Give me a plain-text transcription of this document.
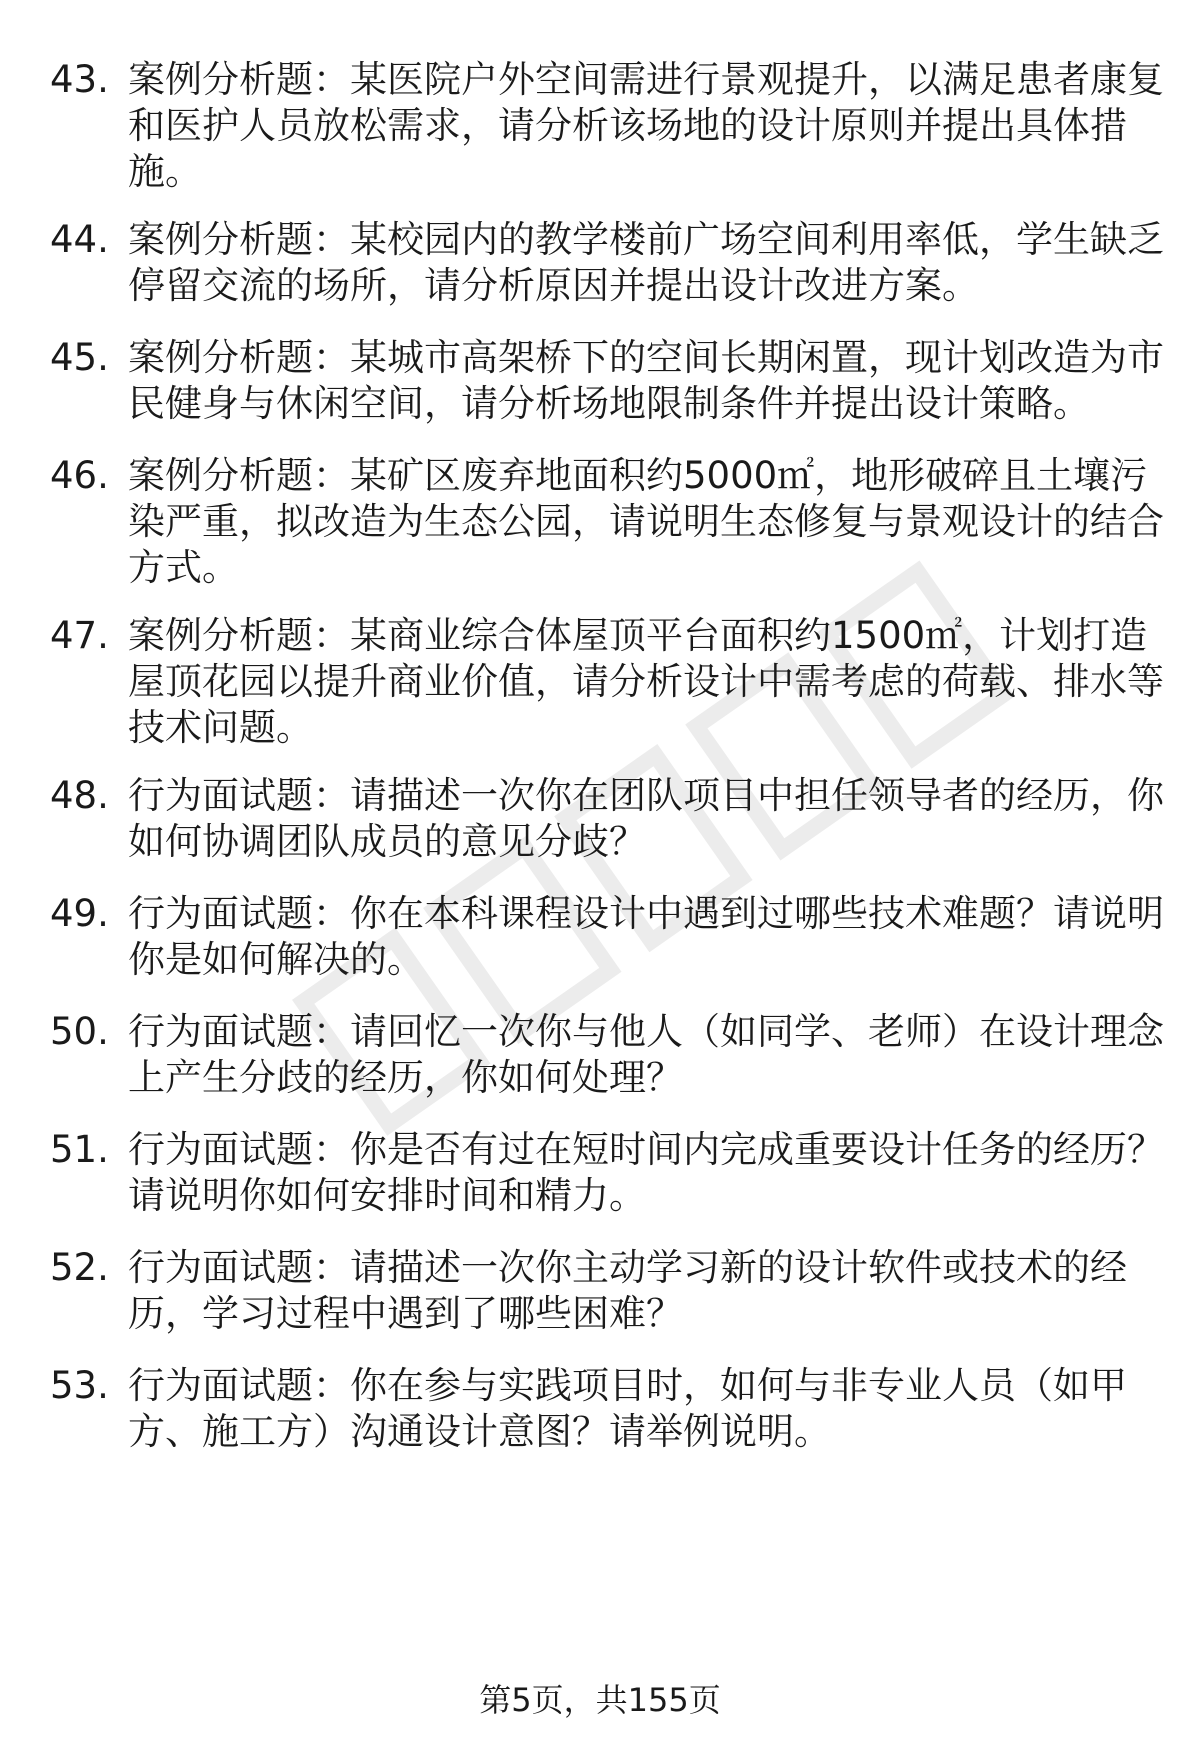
43. 案例分析题：某医院户外空间需进行景观提升，以满足患者康复和医护人员放松需求，请分析该场地的设计原则并提出具体措施。
44. 案例分析题：某校园内的教学楼前广场空间利用率低，学生缺乏停留交流的场所，请分析原因并提出设计改进方案。
45. 案例分析题：某城市高架桥下的空间长期闲置，现计划改造为市民健身与休闲空间，请分析场地限制条件并提出设计策略。
46. 案例分析题：某矿区废弃地面积约5000㎡，地形破碎且土壤污染严重，拟改造为生态公园，请说明生态修复与景观设计的结合方式。
47. 案例分析题：某商业综合体屋顶平台面积约1500㎡，计划打造屋顶花园以提升商业价值，请分析设计中需考虑的荷载、排水等技术问题。
48. 行为面试题：请描述一次你在团队项目中担任领导者的经历，你如何协调团队成员的意见分歧？
49. 行为面试题：你在本科课程设计中遇到过哪些技术难题？请说明你是如何解决的。
50. 行为面试题：请回忆一次你与他人（如同学、老师）在设计理念上产生分歧的经历，你如何处理？
51. 行为面试题：你是否有过在短时间内完成重要设计任务的经历？请说明你如何安排时间和精力。
52. 行为面试题：请描述一次你主动学习新的设计软件或技术的经历，学习过程中遇到了哪些困难？
53. 行为面试题：你在参与实践项目时，如何与非专业人员（如甲方、施工方）沟通设计意图？请举例说明。
第5页，共155页
